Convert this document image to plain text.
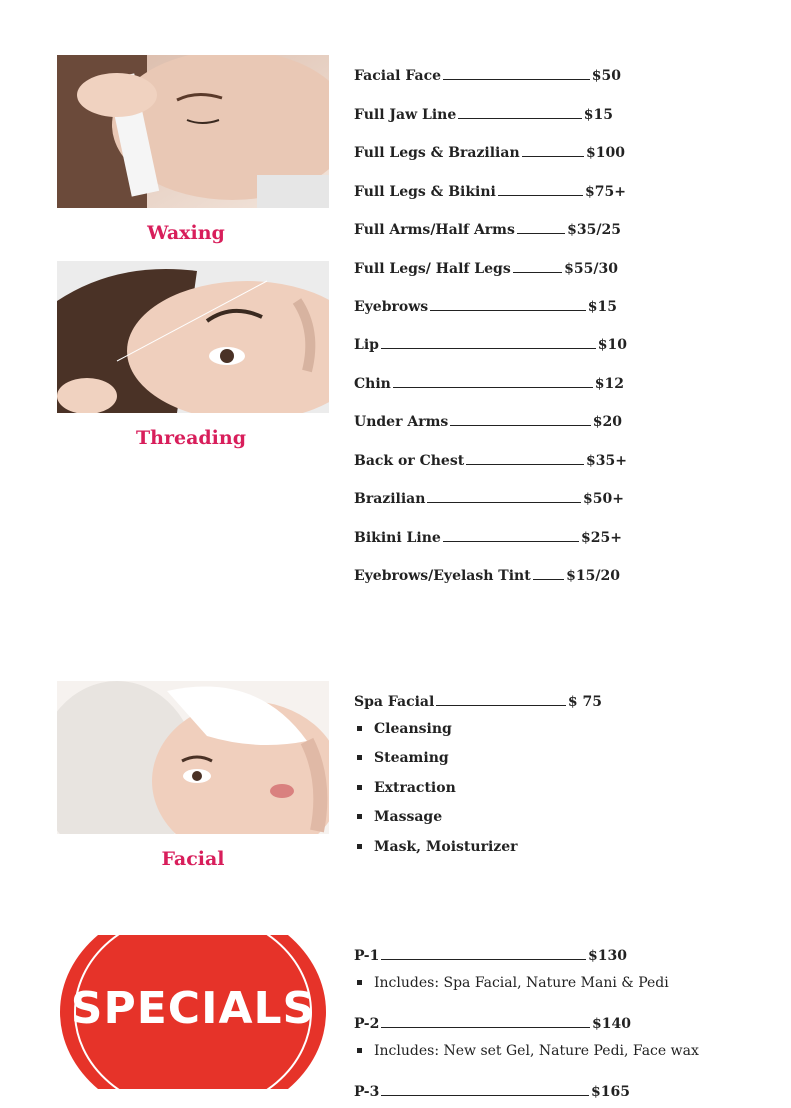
Waxing
Threading
Facial Face	$50
Full Jaw Line	$15
Full Legs & Brazilian	$100
Full Legs & Bikini	$75+
Full Arms/Half Arms	$35/25
Full Legs/ Half Legs	$55/30
Eyebrows	$15
Lip	$10
Chin	$12
Under Arms	$20
Back or Chest	$35+
Brazilian	$50+
Bikini Line	$25+
Eyebrows/Eyelash Tint	$15/20
Facial
Spa Facial	$ 75
Cleansing
Steaming
Extraction
Massage
Mask, Moisturizer
SPECIALS
P-1	$130
Includes: Spa Facial, Nature Mani & Pedi
P-2	$140
Includes: New set Gel, Nature Pedi, Face wax
P-3	$165
